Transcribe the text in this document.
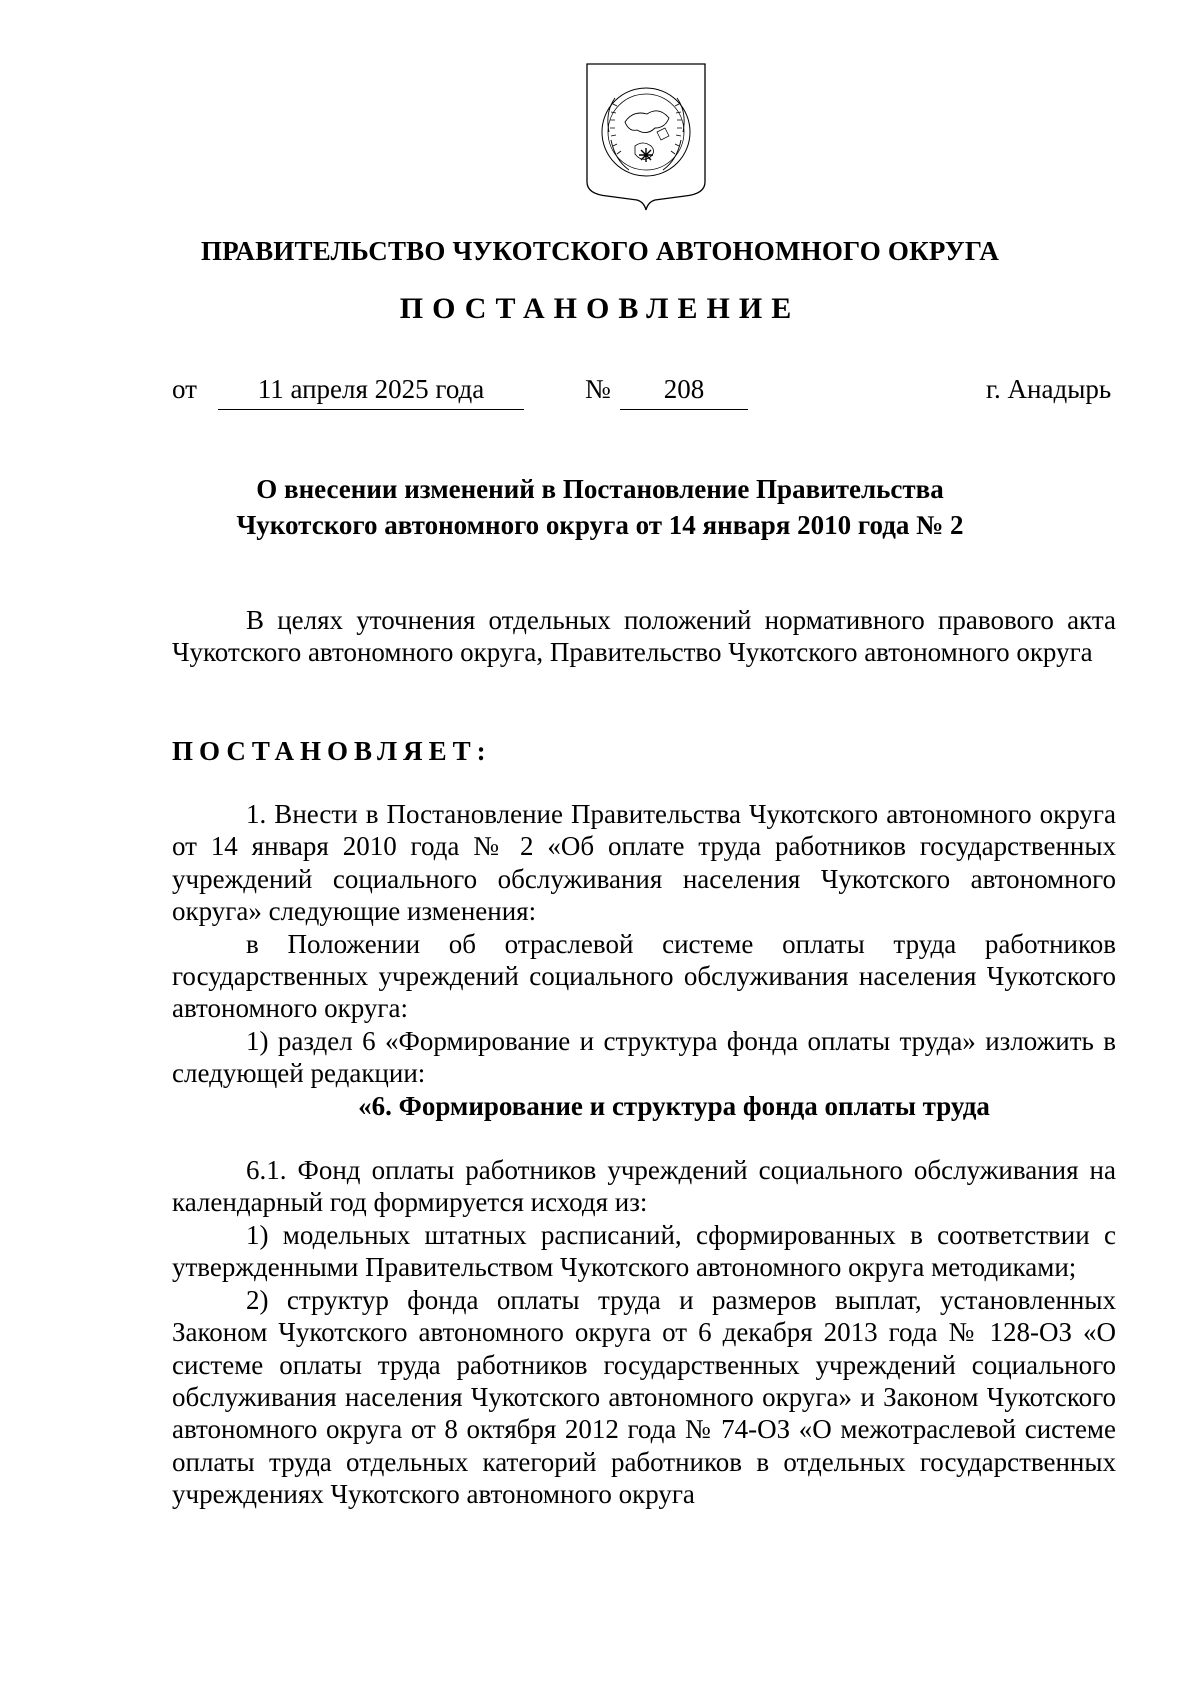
ПРАВИТЕЛЬСТВО ЧУКОТСКОГО АВТОНОМНОГО ОКРУГА
ПОСТАНОВЛЕНИЕ
от	11 апреля 2025 года	№	208	г. Анадырь
О внесении изменений в Постановление Правительства
Чукотского автономного округа от 14 января 2010 года № 2

В целях уточнения отдельных положений нормативного правового акта Чукотского автономного округа, Правительство Чукотского автономного округа

ПОСТАНОВЛЯЕТ:

1. Внести в Постановление Правительства Чукотского автономного округа от 14 января 2010 года № 2 «Об оплате труда работников государственных учреждений социального обслуживания населения Чукотского автономного округа» следующие изменения:

в Положении об отраслевой системе оплаты труда работников государственных учреждений социального обслуживания населения Чукотского автономного округа:

1) раздел 6 «Формирование и структура фонда оплаты труда» изложить в следующей редакции:

«6. Формирование и структура фонда оплаты труда

6.1. Фонд оплаты работников учреждений социального обслуживания на календарный год формируется исходя из:

1) модельных штатных расписаний, сформированных в соответствии с утвержденными Правительством Чукотского автономного округа методиками;

2) структур фонда оплаты труда и размеров выплат, установленных Законом Чукотского автономного округа от 6 декабря 2013 года № 128-ОЗ «О системе оплаты труда работников государственных учреждений социального обслуживания населения Чукотского автономного округа» и Законом Чукотского автономного округа от 8 октября 2012 года № 74-ОЗ «О межотраслевой системе оплаты труда отдельных категорий работников в отдельных государственных учреждениях Чукотского автономного округа
